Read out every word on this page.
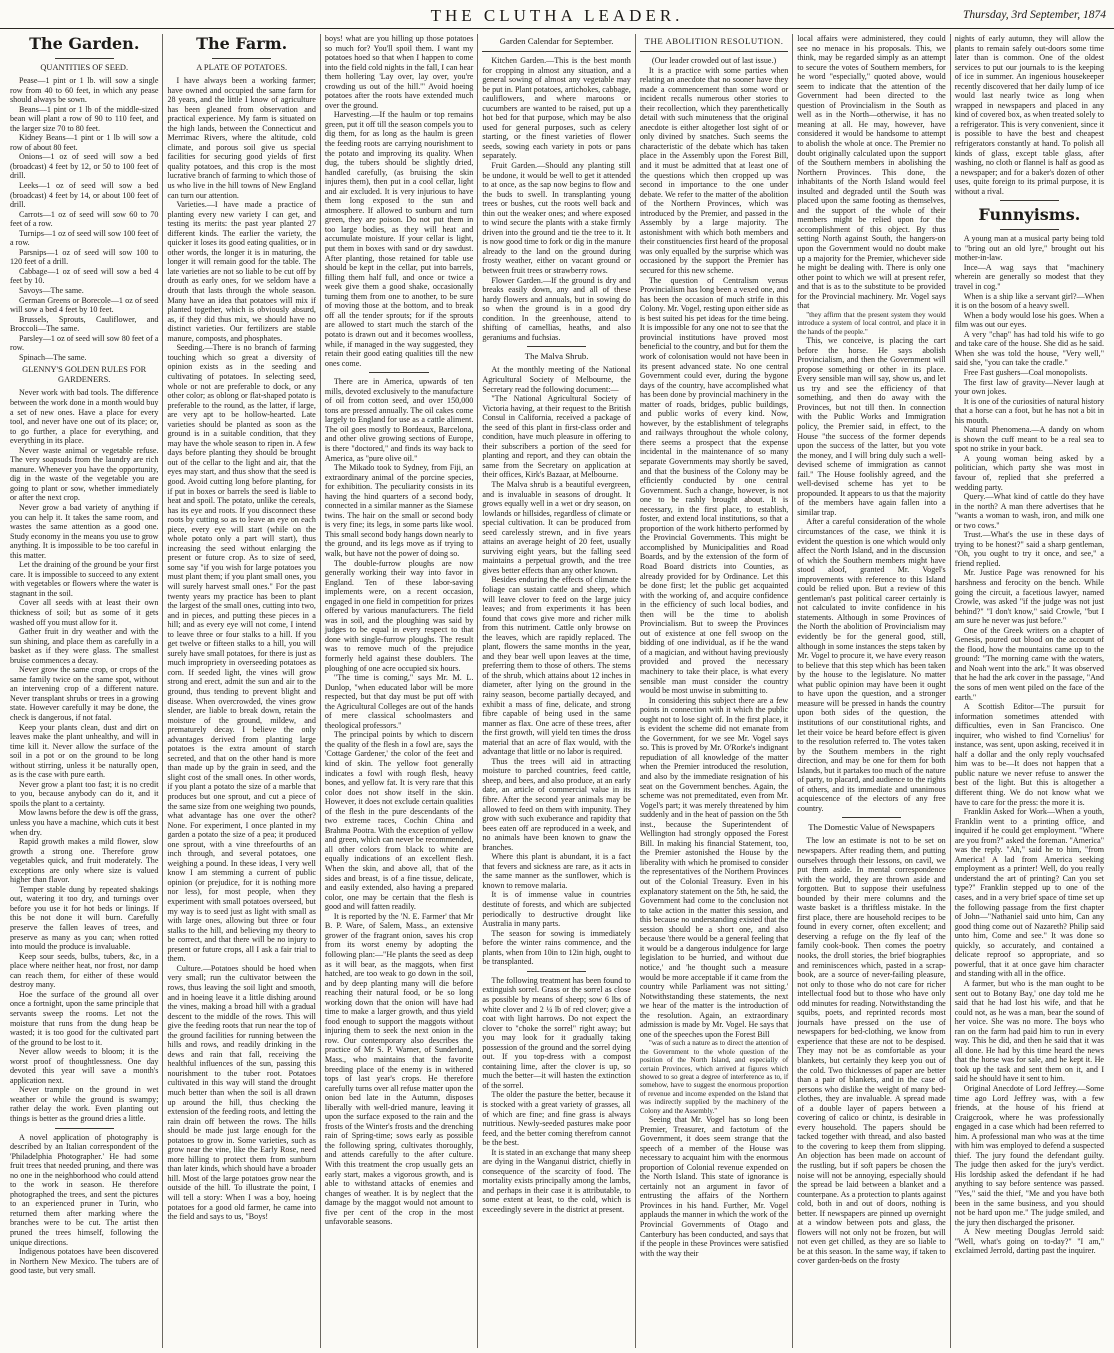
THE CLUTHA LEADER.	Thursday, 3rd September, 1874
The Garden.
QUANTITIES OF SEED.

Pease—1 pint or 1 lb. will sow a single row from 40 to 60 feet, in which any pease should always be sown.

Beans—1 pint or 1 lb of the middle-sized bean will plant a row of 90 to 110 feet, and the larger size 70 to 80 feet.

Kidney Beans—1 pint or 1 lb will sow a row of about 80 feet.

Onions—1 oz of seed will sow a bed (broadcast) 4 feet by 12, or 50 to 100 feet of drill.

Leeks—1 oz of seed will sow a bed (broadcast) 4 feet by 14, or about 100 feet of drill.

Carrots—1 oz of seed will sow 60 to 70 feet of a row.

Turnips—1 oz of seed will sow 100 feet of a row.

Parsnips—1 oz of seed will sow 100 to 120 feet of a drill.

Cabbage—1 oz of seed will sow a bed 4 feet by 10.

Savoys—The same.

German Greens or Borecole—1 oz of seed will sow a bed 4 feet by 10 feet.

Brussels, Sprouts, Cauliflower, and Broccoli—The same.

Parsley—1 oz of seed will sow 80 feet of a row.

Spinach—The same.

GLENNY'S GOLDEN RULES FOR GARDENERS.

Never work with bad tools. The difference between the work done in a month would buy a set of new ones. Have a place for every tool, and never have one out of its place; or, to go further, a place for everything, and everything in its place.

Never waste animal or vegetable refuse. The very soapsuds from the laundry are rich manure. Whenever you have the opportunity, dig in the waste of the vegetable you are going to plant or sow, whether immediately or after the next crop.

Never grow a bad variety of anything if you can help it. It takes the same room, and wastes the same attention as a good one. Study economy in the means you use to grow anything. It is impossible to be too careful in this matter.

Let the draining of the ground be your first care. It is impossible to succeed to any extent with vegetables or flowers where the water is stagnant in the soil.

Cover all seeds with at least their own thickness of soil; but as some of it gets washed off you must allow for it.

Gather fruit in dry weather and with the sun shining, and place them as carefully in a basket as if they were glass. The smallest bruise commences a decay.

Never grow the same crop, or crops of the same family twice on the same spot, without an intervening crop of a different nature. Never transplant shrubs or trees in a growing state. However carefully it may be done, the check is dangerous, if not fatal.

Keep your plants clean, dust and dirt on leaves make the plant unhealthy, and will in time kill it. Never allow the surface of the soil in a pot or on the ground to be long without stirring, unless it be naturally open, as is the case with pure earth.

Never grow a plant too fast; it is no credit to you, because anybody can do it, and it spoils the plant to a certainty.

Mow lawns before the dew is off the grass, unless you have a machine, which cuts it best when dry.

Rapid growth makes a mild flower, slow growth a strong one. Therefore grow vegetables quick, and fruit moderately. The exceptions are only where size is valued higher than flavor.

Temper stable dung by repeated shakings out, watering it too dry, and turnings over before you use it for hot beds or linings. If this be not done it will burn. Carefully preserve the fallen leaves of trees, and preserve as many as you can; when rotted into mould the produce is invaluable.

Keep sour seeds, bulbs, tubers, &c, in a place where neither heat, nor frost, nor damp can reach them, for either of these would destroy many.

Hoe the surface of the ground all over once a fortnight, upon the same principle that servants sweep the rooms. Let not the moisture that runs from the dung heap be wasted; it is too good for the cultivated part of the ground to be lost to it.

Never allow weeds to bloom; it is the worst proof of thoughtlessness. One day devoted this year will save a month's application next.

Never trample on the ground in wet weather or while the ground is swampy; rather delay the work. Even planting out things is better as the ground dries a little.

A novel application of photography is described by an Italian correspondent of the 'Philadelphia Photographer.' He had some fruit trees that needed pruning, and there was no one in the neighborhood who could attend to the work in season. He therefore photographed the trees, and sent the pictures to an experienced pruner in Turin, who returned them after marking where the branches were to be cut. The artist then pruned the trees himself, following the unique directions.

Indigenous potatoes have been discovered in Northern New Mexico. The tubers are of good taste, but very small.

The Farm.
A PLATE OF POTATOES.

I have always been a working farmer; have owned and occupied the same farm for 28 years, and the little I know of agriculture has been gleaned from observation and practical experience. My farm is situated on the high lands, between the Connecticut and Merrimac Rivers, where the altitude, cold climate, and porous soil give us special facilities for securing good yields of first quality potatoes, and this crop is the most lucrative branch of farming to which those of us who live in the hill towns of New England can turn our attention.

Varieties.—I have made a practice of planting every new variety I can get, and testing its merits: the past year planted 27 different kinds. The earlier the variety, the quicker it loses its good eating qualities, or in other words, the longer it is in maturing, the longer it will remain good for the table. The late varieties are not so liable to be cut off by drouth as early ones, for we seldom have a drouth that lasts through the whole season. Many have an idea that potatoes will mix if planted together, which is obviously absurd, as, if they did thus mix, we should have no distinct varieties. Our fertilizers are stable manure, composts, and phosphates.

Seeding.—There is no branch of farming touching which so great a diversity of opinion exists as in the seeding and cultivating of potatoes. In selecting seed, whole or not are preferable to dock, or any other color; as oblong or flat-shaped potato is preferable to the round, as the latter, if large, are very apt to be hollow-hearted. Late varieties should be planted as soon as the ground is in a suitable condition, that they may have the whole season to ripen in. A few days before planting they should be brought out of the cellar to the light and air, that the eyes may start, and thus show that the seed is good. Avoid cutting long before planting, for if put in boxes or barrels the seed is liable to heat and spoil. The potato, unlike the cereals, has its eye and roots. If you disconnect these roots by cutting so as to leave an eye on each piece, every eye will start (while on the whole potato only a part will start), thus increasing the seed without enlarging the present or future crop. As to size of seed, some say "if you wish for large potatoes you must plant them; if you plant small ones, you will surely harvest small ones." For the past twenty years my practice has been to plant the largest of the small ones, cutting into two, and in pieces, and putting these pieces in a hill; and as every eye will not come, I intend to leave three or four stalks to a hill. If you get twelve or fifteen stalks to a hill, you will surely have small potatoes, for there is just as much impropriety in overseeding potatoes as corn. If seeded light, the vines will grow strong and erect, admit the sun and air to the ground, thus tending to prevent blight and disease. When overcrowded, the vines grow slender, are liable to break down, retain the moisture of the ground, mildew, and prematurely decay. I believe the only advantages derived from planting large potatoes is the extra amount of starch secreted, and that on the other hand is more than made up by the grain in seed, and the slight cost of the small ones. In other words, if you plant a potato the size of a marble that produces but one sprout, and cut a piece of the same size from one weighing two pounds, what advantage has one over the other? None. For experiment, I once planted in my garden a potato the size of a pea; it produced one sprout, with a vine threefourths of an inch through, and several potatoes, one weighing a pound. In these ideas, I very well know I am stemming a current of public opinion (or prejudice, for it is nothing more nor less), for most people, when they experiment with small potatoes overseed, but my way is to seed just as light with small as with large ones, allowing but three or four stalks to the hill, and believing my theory to be correct, and that there will be no injury to present or future crops, all I ask a fair trial to them.

Culture.—Potatoes should be hoed when very small; run the cultivator between the rows, thus leaving the soil light and smooth, and in hoeing leave it a little dishing around the vines, making a broad hill with a gradual descent to the middle of the rows. This will give the feeding roots that run near the top of the ground facilities for running between the hills and rows, and readily drinking in the dews and rain that fall, receiving the healthful influences of the sun, passing this nourishment to the tuber root. Potatoes cultivated in this way will stand the drought much better than when the soil is all drawn up around the hill, thus checking the extension of the feeding roots, and letting the rain drain off between the rows. The hills should be made just large enough for the potatoes to grow in. Some varieties, such as grow near the vine, like the Early Rose, need more hilling to protect them from sunburn than later kinds, which should have a broader hill. Most of the large potatoes grow near the outside of the hill. To illustrate the point, I will tell a story: When I was a boy, hoeing potatoes for a good old farmer, he came into the field and says to us, "Boys!

boys! what are you hilling up those potatoes so much for? You'll spoil them. I want my potatoes hoed so that when I happen to come into the field cold nights in the fall, I can hear them hollering 'Lay over, lay over, you're crowding us out of the hill.'" Avoid hoeing potatoes after the roots have extended much over the ground.

Harvesting.—If the haulm or top remains green, put it off till the season compels you to dig them, for as long as the haulm is green the feeding roots are carrying nourishment to the potato and improving its quality. When dug, the tubers should be slightly dried, handled carefully, (as bruising the skin injures them), then put in a cool cellar, light and air excluded. It is very injurious to have them long exposed to the sun and atmosphere. If allowed to sunburn and turn green, they are poison. Do not put them in too large bodies, as they will heat and accumulate moisture. If your cellar is light, put them in boxes with sand or dry sawdust. After planting, those retained for table use should be kept in the cellar, put into barrels, filling them half full, and once or twice a week give them a good shake, occasionally turning them from one to another, to be sure of moving those at the bottom, and to break off all the tender sprouts; for if the sprouts are allowed to start much the starch of the potato is drawn out and it becomes woolless, while, if managed in the way suggested, they retain their good eating qualities till the new ones come.

There are in America, upwards of ten mills, devoted exclusively to the manufacture of oil from cotton seed, and over 150,000 tons are pressed annually. The oil cakes come largely to England for use as a cattle aliment. The oil goes mostly to Bordeaux, Barcelona, and other olive growing sections of Europe, is there "doctored," and finds its way back to America, as "pure olive oil."

The Mikado took to Sydney, from Fiji, an extraordinary animal of the porcine species, for exhibition. The peculiarity consists in its having the hind quarters of a second body, connected in a similar manner as the Siamese twins. The hair on the small or second body is very fine; its legs, in some parts like wool. This small second body hangs down nearly to the ground, and its legs move as if trying to walk, but have not the power of doing so.

The double-furrow ploughs are now generally working their way into favor in England. Ten of these labor-saving implements were, on a recent occasion, engaged in one field in competition for prizes offered by various manufacturers. The field was in soil, and the ploughing was said by judges to be equal in every respect to that done with single-furrow ploughs. The result was to remove much of the prejudice formerly held against these doublers. The ploughing of one acre occupied six hours.

"The time is coming," says Mr. M. L. Dunlop, "when educated labor will be more respected, but that day must be put off with the Agricultural Colleges are out of the hands of mere classical schoolmasters and theological professors."

The principal points by which to discern the quality of the flesh in a fowl are, says the 'Cottage Gardener,' the color of the feet and kind of skin. The yellow foot generally indicates a fowl with rough flesh, heavy bones, and yellow fat. It is very rare that this color does not show itself in the skin. However, it does not exclude certain qualities of the flesh in the pure descendants of the two extreme races, Cochin China and Brahma Pootra. With the exception of yellow and green, which can never be recommended, all other colors from black to white are equally indications of an excellent flesh. When the skin, and above all, that of the sides and breast, is of a fine tissue, delicate, and easily extended, also having a prepared color, one may be certain that the flesh is good and will fatten readily.

It is reported by the 'N. E. Farmer' that Mr B. P. Ware, of Salem, Mass., an extensive grower of the fragrant onion, saves his crop from its worst enemy by adopting the following plan:—"He plants the seed as deep as it will bear, as the maggots, when first hatched, are too weak to go down in the soil, and by deep planting many will die before reaching their natural food, or be so long working down that the onion will have had time to make a larger growth, and thus yield food enough to support the maggots without injuring them to seek the next onion in the row. Our contemporary also describes the practice of Mr S. P. Warner, of Sunderland, Mass., who maintains that the favorite breeding place of the enemy is in withered tops of last year's crops. He therefore carefully turns over all refuse matter upon the onion bed late in the Autumn, disposes liberally with well-dried manure, leaving it upon the surface exposed to the rain and the frosts of the Winter's frosts and the drenching rain of Spring-time; sows early as possible the following spring, cultivates thoroughly, and attends carefully to the after culture. With this treatment the crop usually gets an early start, makes a vigorous growth, and is able to withstand attacks of enemies and changes of weather. It is by neglect that the damage by the maggot would not amount to five per cent of the crop in the most unfavorable seasons.

Garden Calendar for September.

Kitchen Garden.—This is the best month for cropping in almost any situation, and a general sowing of almost any vegetable may be put in. Plant potatoes, artichokes, cabbage, cauliflowers, and where maroons or cucumbers are wanted to be raised, put up a hot bed for that purpose, which may be also used for general purposes, such as celery starting, or the finest varieties of flower seeds, sowing each variety in pots or pans separately.

Fruit Garden.—Should any planting still be undone, it would be well to get it attended to at once, as the sap now begins to flow and the buds to swell. In transplanting young trees or bushes, cut the roots well back and thin out the weaker ones; and where exposed to wind secure the plants with a stake firmly driven into the ground and tie the tree to it. It is now good time to fork or dig in the manure already to the land on the ground during frosty weather, either on vacant ground or between fruit trees or strawberry rows.

Flower Garden.—If the ground is dry and breaks easily down, any and all of these hardy flowers and annuals, but in sowing do so when the ground is in a good dry condition. In the greenhouse, attend to shifting of camellias, heaths, and also geraniums and fuchsias.

The Malva Shrub.

At the monthly meeting of the National Agricultural Society of Melbourne, the Secretary read the following document:—

"The National Agricultural Society of Victoria having, at their request to the British Consul in California, received a package of the seed of this plant in first-class order and condition, have much pleasure in offering to their subscribers a portion of the seed for planting and report, and they can obtain the same from the Secretary on application at their offices, Kirk's Bazaar, at Melbourne.

The Malva shrub is a beautiful evergreen, and is invaluable in seasons of drought. It grows equally well in a wet or dry season, on lowlands or hillsides, regardless of climate or special cultivation. It can be produced from seed carelessly strewn, and in five years attains an average height of 20 feet, usually surviving eight years, but the falling seed maintains a perpetual growth, and the tree gives better effects than any other known.

Besides enduring the effects of climate the foliage can sustain cattle and sheep, which will leave clover to feed on the large juicy leaves; and from experiments it has been found that cows give more and richer milk from this nutriment. Cattle only browse on the leaves, which are rapidly replaced. The plant, flowers the same months in the year, and they bear well upon leaves at the time, preferring them to those of others. The stems of the shrub, which attains about 12 inches in diameter, after lying on the ground in the rainy season, become partially decayed, and exhibit a mass of fine, delicate, and strong fibre capable of being used in the same manner as flax. One acre of these trees, after the first growth, will yield ten times the dross material that an acre of flax would, with the advantage that little or no labor is required.

Thus the trees will aid in attracting moisture to parched countries, feed cattle, sheep, and bees, and also produce, at an early date, an article of commercial value in its fibre. After the second year animals may be allowed to feed on them with impunity. They grow with such exuberance and rapidity that bees eaten off are reproduced in a week, and no animals have been known to gnaw the branches.

Where this plant is abundant, it is a fact that fevers and sickness are rare, as it acts in the same manner as the sunflower, which is known to remove malaria.

It is of immense value in countries destitute of forests, and which are subjected periodically to destructive drought like Australia in many parts.

The season for sowing is immediately before the winter rains commence, and the plants, when from 10in to 12in high, ought to be transplanted.

The following treatment has been found to extinguish sorrel. Grass or the sorrel as close as possible by means of sheep; sow 6 lbs of white clover and 2 ¼ lb of red clover; give a coat with light harrows. Do not expect the clover to "choke the sorrel" right away; but you may look for it gradually taking possession of the ground and the sorrel dying out. If you top-dress with a compost containing lime, after the clover is up, so much the better—it will hasten the extinction of the sorrel.

The older the pasture the better, because it is stocked with a great variety of grasses, all of which are fine; and fine grass is always nutritious. Newly-seeded pastures make poor feed, and the better coming therefrom cannot be the best.

It is stated in an exchange that many sheep are dying in the Wanganui district, chiefly in consequence of the scarcity of food. The mortality exists principally among the lambs, and perhaps in their case it is attributable, to some extent at least, to the cold, which is exceedingly severe in the district at present.

THE ABOLITION RESOLUTION.

(Our leader crowded out of last issue.)

It is a practice with some parties when relating an anecdote that no sooner have they made a commencement than some word or incident recalls numerous other stories to their recollection, which they parenthetically detail with such minuteness that the original anecdote is either altogether lost sight of or only divined by snatches. Such seems the characteristic of the debate which has taken place in the Assembly upon the Forest Bill, and it must be admitted that at least one of the questions which then cropped up was second in importance to the one under debate. We refer to the matter of the abolition of the Northern Provinces, which was introduced by the Premier, and passed in the Assembly by a large majority. The astonishment with which both members and their constituencies first heard of the proposal was only equalled by the surprise which was occasioned by the support the Premier has secured for this new scheme.

The question of Centralism versus Provincialism has long been a vexed one, and has been the occasion of much strife in this Colony. Mr. Vogel, resting upon either side as is best suited his pet ideas for the time being. It is impossible for any one not to see that the provincial institutions have proved most beneficial to the country, and but for them the work of colonisation would not have been in its present advanced state. No one central Government could ever, during the bygone days of the country, have accomplished what has been done by provincial machinery in the matter of roads, bridges, public buildings, and public works of every kind. Now, however, by the establishment of telegraphs and railways throughout the whole colony, there seems a prospect that the expense incidental in the maintenance of so many separate Governments may shortly be saved, and that the business of the Colony may be efficiently conducted by one central Government. Such a change, however, is not one to be rashly brought about. It is necessary, in the first place, to establish, foster, and extend local institutions, so that a proportion of the work hitherto performed by the Provincial Governments. This might be accomplished by Municipalities and Road Boards, and by the extension of the form of Road Board districts into Counties, as already provided for by Ordinance. Let this be done first; let the public get acquainted with the working of, and acquire confidence in the efficiency of such local bodies, and then will be the time to abolish Provincialism. But to sweep the Provinces out of existence at one fell swoop on the bidding of one individual, as if he the wand of a magician, and without having previously provided and proved the necessary machinery to take their place, is what every sensible man must consider the country would be most unwise in submitting to.

In considering this subject there are a few points in connection with it which the public ought not to lose sight of. In the first place, it is evident the scheme did not emanate from the Government, for we see Mr. Vogel says so. This is proved by Mr. O'Rorke's indignant repudiation of all knowledge of the matter when the Premier introduced the resolution, and also by the immediate resignation of his seat on the Government benches. Again, the scheme was not premeditated, even from Mr. Vogel's part; it was merely threatened by him suddenly and in the heat of passion on the 5th inst., because the Superintendent of Wellington had strongly opposed the Forest Bill. In making his financial Statement, too, the Premier astonished the House by the liberality with which he promised to consider the representatives of the Northern Provinces out of the Colonial Treasury. Even in his explanatory statement on the 5th, he said, the Government had come to the conclusion not to take action in the matter this session, and this because no understanding existed that the session should be a short one, and also because 'there would be a general feeling that it would be a dangerous indulgence for large legislation to be hurried, and without due notice,' and 'he thought such a measure would be more acceptable if it came from the country while Parliament was not sitting.' Notwithstanding these statements, the next we hear of the matter is the introduction of the resolution. Again, an extraordinary admission is made by Mr. Vogel. He says that one of the speeches upon the Forest Bill

"was of such a nature as to direct the attention of the Government to the whole question of the position of the North Island, and especially of certain Provinces, which arrived at figures which showed to so great a degree of interference as to, if somehow, have to suggest the enormous proportion of revenue and income expended on the Island that was indirectly supplied by the machinery of the Colony and the Assembly."

Seeing that Mr. Vogel has so long been Premier, Treasurer, and factotum of the Government, it does seem strange that the speech of a member of the House was necessary to acquaint him with the enormous proportion of Colonial revenue expended on the North Island. This state of ignorance is certainly not an argument in favor of entrusting the affairs of the Northern Provinces in his hand. Further, Mr. Vogel applauds the manner in which the work of the Provincial Governments of Otago and Canterbury has been conducted, and says that if the people in these Provinces were satisfied with the way their

local affairs were administered, they could see no menace in his proposals. This, we think, may be regarded simply as an attempt to secure the votes of Southern members, for he word "especially," quoted above, would seem to indicate that the attention of the Government had been directed to the question of Provincialism in the South as well as in the North—otherwise, it has no meaning at all. He may, however, have considered it would be handsome to attempt to abolish the whole at once. The Premier no doubt originally calculated upon the support of the Southern members in abolishing the Northern Provinces. This done, the inhabitants of the North Island would feel insulted and degraded until the South was placed upon the same footing as themselves, and the support of the whole of their members might be relied upon for the accomplishment of this object. By thus setting North against South, the hangers-on upon the Government would no doubt make up a majority for the Premier, whichever side he might be dealing with. There is only one other point to which we will at present refer, and that is as to the substitute to be provided for the Provincial machinery. Mr. Vogel says that

"they affirm that the present system they would introduce a system of local control, and place it in the hands of the people."

This, we conceive, is placing the cart before the horse. He says abolish Provincialism, and then the Government will propose something or other in its place. Every sensible man will say, show us, and let us try and see the efficiency of that something, and then do away with the Provinces, but not till then. In connection with the Public Works and Immigration policy, the Premier said, in effect, to the House "the success of the former depends upon the success of the latter, but you vote the money, and I will bring duly such a well-devised scheme of immigration as cannot fail." The House foolishly agreed, and the well-devised scheme has yet to be propounded. It appears to us that the majority of the members have again fallen into a similar trap.

After a careful consideration of the whole circumstances of the case, we think it is evident the question is one which would only affect the North Island, and in the discussion of which the Southern members might have stood aloof, granted Mr. Vogel's improvements with reference to this Island could be relied upon. But a review of this gentleman's past political career certainly is not calculated to invite confidence in his statements. Although in some Provinces of the North the abolition of Provincialism may evidently be for the general good, still, although in some instances the steps taken by Mr. Vogel to procure it, we have every reason to believe that this step which has been taken by the house to the legislature. No matter what public opinion may have been it ought to have upon the question, and a stronger measure will be pressed in hands the country upon both sides of the question, the institutions of our constitutional rights, and let their voice be heard before effect is given to the resolution referred to. The votes taken by the Southern members in the right direction, and may be one for them for both Islands, but it partakes too much of the nature of party, to placard, and audience to the rights of others, and its immediate and unanimous acquiescence of the electors of any free country.

The Domestic Value of Newspapers

The low an estimate is not to be set on newspapers. After reading them, and putting ourselves through their lessons, on cavil, we put them aside. In mental correspondence with the world, they are thrown aside and forgotten. But to suppose their usefulness bounded by their mere columns and the waste basket is a thriftless mistake. In the first place, there are household recipes to be found in every corner, often excellent; and deserving a refuge on the fly leaf of the family cook-book. Then comes the poetry nooks, the droll stories, the brief biographies and reminiscences which, pasted in a scrap-book, are a source of never-failing pleasure, not only to those who do not care for richer intellectual food but to those who have only odd minutes for reading. Notwithstanding the squibs, poets, and reprinted records most journals have pressed on the use of newspapers for bed-clothing, we know from experience that these are not to be despised. They may not be as comfortable as your blankets, but certainly they keep you out of the cold. Two thicknesses of paper are better than a pair of blankets, and in the case of persons who dislike the weight of many bed-clothes, they are invaluable. A spread made of a double layer of papers between a covering of calico or chintz, is desirable in every household. The papers should be tacked together with thread, and also basted to the covering to keep them from slipping. An objection has been made on account of the rustling, but if soft papers be chosen the noise will not be annoying, especially should the spread be laid between a blanket and a counterpane. As a protection to plants against cold, both in and out of doors, nothing is better. If newspapers are pinned up overnight at a window between pots and glass, the flowers will not only not be frozen, but will not even get chilled, as they are so liable to be at this season. In the same way, if taken to cover garden-beds on the frosty

nights of early autumn, they will allow the plants to remain safely out-doors some time later than is common. One of the oldest services to put our journals to is the keeping of ice in summer. An ingenious housekeeper recently discovered that her daily lump of ice would last nearly twice as long when wrapped in newspapers and placed in any kind of covered box, as when treated solely to a refrigerator. This is very convenient, since it is possible to have the best and cheapest refrigerators constantly at hand. To polish all kinds of glass, except table glass, after washing, no cloth or flannel is half as good as a newspaper; and for a baker's dozen of other uses, quite foreign to its primal purpose, it is without a rival.

Funnyisms.

A young man at a musical party being told to "bring out an old lyre," brought out his mother-in-law.

Ince—A wag says that "machinery wherein are generally so modest that they travel in cog."

When is a ship like a servant girl?—When it is on the bosom of a heavy swell.

When a body would lose his goes. When a film was out our eyes.

A very "chap" has had told his wife to go and take care of the house. She did as he said. When she was told the house, "Very well," said she, "you can take the cradle."

Free Fast gushers—Coal monopolists.

The first law of gravity—Never laugh at your own jokes.

It is one of the curiosities of natural history that a horse can a foot, but he has not a bit in his mouth.

Natural Phenomena.—A dandy on whom is shown the cuff meant to be a real sea to spot no strike in your back.

A young woman being asked by a politician, which party she was most in favour of, replied that she preferred a wedding party.

Query.—What kind of cattle do they have in the north? A man there advertises that he "wants a woman to wash, iron, and milk one or two cows."

Trust.—What's the use in these days of trying to be honest?" said a sharp gentleman, "Oh, you ought to try it once, and see," a friend replied.

Mr. Justice Page was renowned for his harshness and ferocity on the bench. While going the circuit, a facetious lawyer, named Crowle, was asked "if the judge was not just behind?" "I don't know," said Crowle, "but I am sure he never was just before."

One of the Greek writers on a chapter of Genesis, poured out blood on the account of the flood, how the mountains came up to the ground: "The morning came with the waters, and Noah went into the ark." It was observed that he had the ark cover in the passage, "And the sons of men went piled on the face of the earth."

A Scottish Editor—The pursuit for information sometimes attended with difficulties, even in San Francisco. One inquirer, who wished to find 'Cornelius' for instance, was sent, upon asking, received it in half a dollar and the only reply vouchsafed him was to be—It does not happen that a public nature we never refuse to answer the best of the light. But this is altogether a different thing. We do not know what we have to care for the press: the more it is.

Franklin Asked for Work—When a youth, Franklin went to a printing office, and inquired if he could get employment. "Where are you from?" asked the foreman. "America" was the reply. "Ah," said he to him, "from America! A lad from America seeking employment as a printer! Well, do you really understand the art of printing? Can you set type?" Franklin stepped up to one of the cases, and in a very brief space of time set up the following passage from the first chapter of John—"Nathaniel said unto him, Can any good thing come out of Nazareth? Philip said unto him, Come and see." It was done so quickly, so accurately, and contained a delicate reproof so appropriate, and so powerful, that it at once gave him character and standing with all in the office.

A farmer, but who is the man ought to be sent out to Botany Bay,' one day told me he said that he had lost his wife, and that he could not, as he was a man, bear the sound of her voice. She was no more. The boys who ran on the farm had paid him to run in every way. This he did, and then he said that it was all done. He had by this time heard the news that the horse was for sale, and he kept it. He took up the task and sent them on it, and I said he should have it sent to him.

Original Anecdote of Lord Jeffrey.—Some time ago Lord Jeffrey was, with a few friends, at the house of his friend at Craigcrook, where he was professionally engaged in a case which had been referred to him. A professional man who was at the time with him was employed to defend a suspected thief. The jury found the defendant guilty. The judge then asked for the jury's verdict. His lordship asked the defendant if he had anything to say before sentence was passed. "Yes," said the thief, "Me and you have both been in the same business, and you should not be hard upon me." The judge smiled, and the jury then discharged the prisoner.

A New meeting Douglas Jerrold said: "Well, what's going on to-day?" "I am," exclaimed Jerrold, darting past the inquirer.
